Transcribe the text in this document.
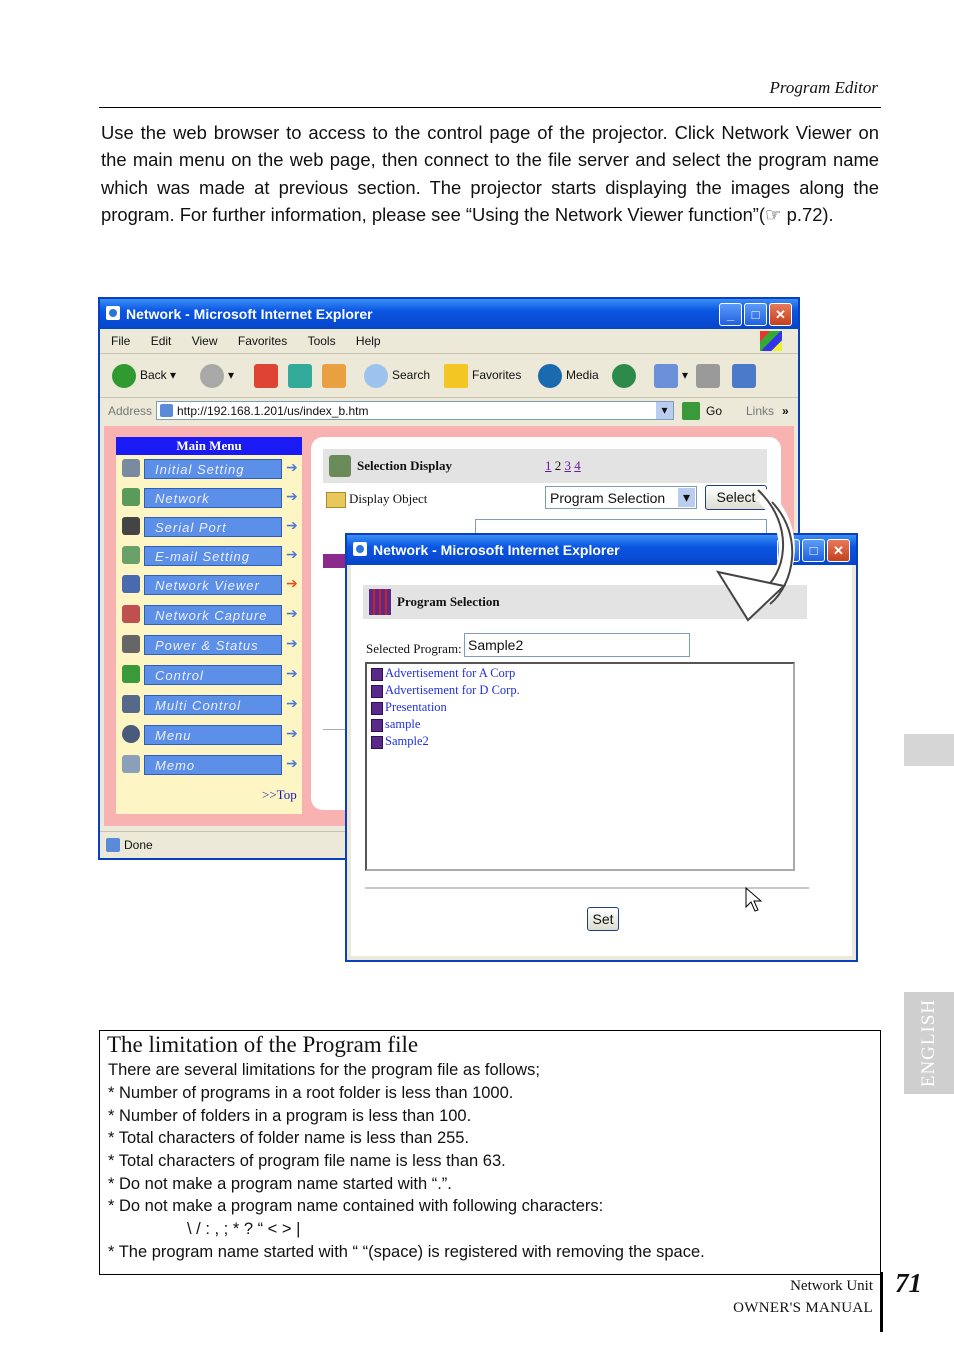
Program Editor
Use the web browser to access to the control page of the projector. Click Network Viewer on the main menu on the web page, then connect to the file server and select the program name which was made at previous section. The projector starts displaying the images along the program. For further information, please see “Using the Network Viewer function”(☞ p.72).
Network - Microsoft Internet Explorer	_	□	✕
File Edit View Favorites Tools Help
Back ▾	▾	Search	Favorites	Media	▾
Address	http://192.168.1.201/us/index_b.htm	▾	Go Links »
Main Menu
Initial Setting	➔
Network	➔
Serial Port	➔
E-mail Setting	➔
Network Viewer	➔
Network Capture	➔
Power & Status	➔
Control	➔
Multi Control	➔
Menu	➔
Memo	➔
>>Top
Selection Display	1 2 3 4
Display Object	Program Selection	▾	Select
Done
Network - Microsoft Internet Explorer	_	□	✕
Program Selection
Selected Program: Sample2
Advertisement for A Corp
Advertisement for D Corp.
Presentation
sample
Sample2
Set
ENGLISH
The limitation of the Program file
There are several limitations for the program file as follows;
* Number of programs in a root folder is less than 1000.
* Number of folders in a program is less than 100.
* Total characters of folder name is less than 255.
* Total characters of program file name is less than 63.
* Do not make a program name started with “.”.
* Do not make a program name contained with following characters:
\ / : , ; * ? “ < > |
* The program name started with “ “(space) is registered with removing the space.
Network Unit
OWNER'S MANUAL
71
